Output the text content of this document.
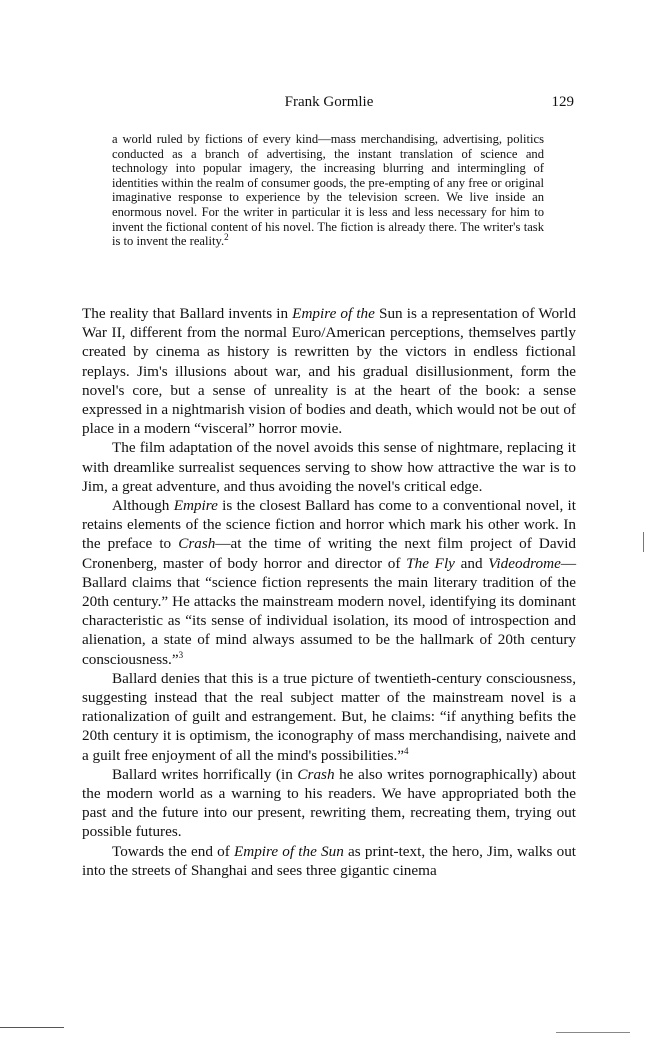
Frank Gormlie	129

a world ruled by fictions of every kind—mass merchandising, advertising, politics conducted as a branch of advertising, the instant translation of science and technology into popular imagery, the increasing blurring and intermingling of identities within the realm of consumer goods, the pre-empting of any free or original imaginative response to experience by the television screen. We live inside an enormous novel. For the writer in particular it is less and less necessary for him to invent the fictional content of his novel. The fiction is already there. The writer's task is to invent the reality.$^2$

The reality that Ballard invents in Empire of the Sun is a representation of World War II, different from the normal Euro/American perceptions, themselves partly created by cinema as history is rewritten by the victors in endless fictional replays. Jim's illusions about war, and his gradual disillusionment, form the novel's core, but a sense of unreality is at the heart of the book: a sense expressed in a nightmarish vision of bodies and death, which would not be out of place in a modern “visceral” horror movie.

The film adaptation of the novel avoids this sense of nightmare, replacing it with dreamlike surrealist sequences serving to show how attractive the war is to Jim, a great adventure, and thus avoiding the novel's critical edge.

Although Empire is the closest Ballard has come to a conventional novel, it retains elements of the science fiction and horror which mark his other work. In the preface to Crash—at the time of writing the next film project of David Cronenberg, master of body horror and director of The Fly and Videodrome—Ballard claims that “science fiction represents the main literary tradition of the 20th century.” He attacks the mainstream modern novel, identifying its dominant characteristic as “its sense of individual isolation, its mood of introspection and alienation, a state of mind always assumed to be the hallmark of 20th century consciousness.”$^3$

Ballard denies that this is a true picture of twentieth-century consciousness, suggesting instead that the real subject matter of the mainstream novel is a rationalization of guilt and estrangement. But, he claims: “if anything befits the 20th century it is optimism, the iconography of mass merchandising, naivete and a guilt free enjoyment of all the mind's possibilities.”$^4$

Ballard writes horrifically (in Crash he also writes pornographically) about the modern world as a warning to his readers. We have appropriated both the past and the future into our present, rewriting them, recreating them, trying out possible futures.

Towards the end of Empire of the Sun as print-text, the hero, Jim, walks out into the streets of Shanghai and sees three gigantic cinema
